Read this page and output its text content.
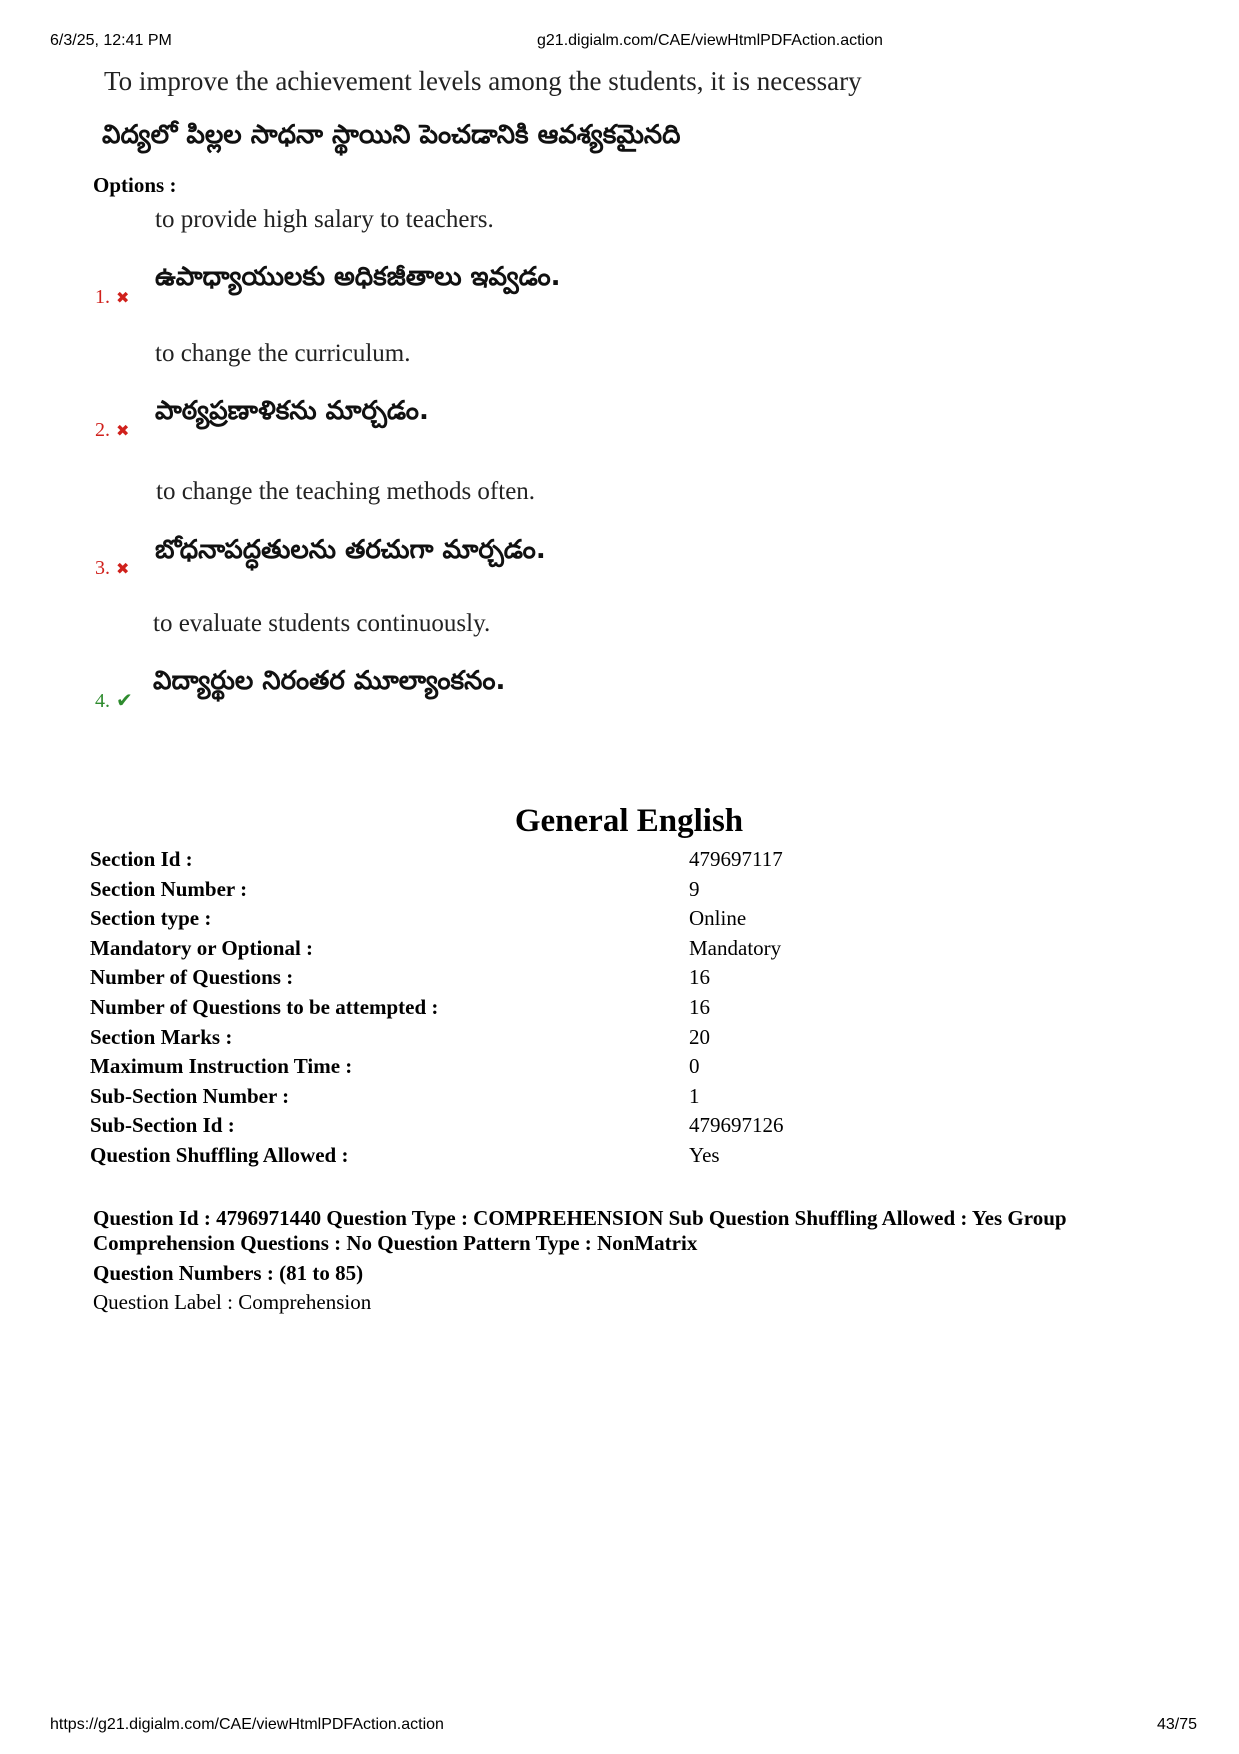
6/3/25, 12:41 PM	g21.digialm.com/CAE/viewHtmlPDFAction.action
To improve the achievement levels among the students, it is necessary
విద్యలో పిల్లల సాధనా స్థాయిని పెంచడానికి ఆవశ్యకమైనది
Options :
to provide high salary to teachers.
ఉపాధ్యాయులకు అధికజీతాలు ఇవ్వడం.
1. ✖
to change the curriculum.
పాఠ్యప్రణాళికను మార్చడం.
2. ✖
to change the teaching methods often.
బోధనాపద్ధతులను తరచుగా మార్చడం.
3. ✖
to evaluate students continuously.
విద్యార్థుల నిరంతర మూల్యాంకనం.
4. ✔
General English
Section Id :	479697117
Section Number :	9
Section type :	Online
Mandatory or Optional :	Mandatory
Number of Questions :	16
Number of Questions to be attempted :	16
Section Marks :	20
Maximum Instruction Time :	0
Sub-Section Number :	1
Sub-Section Id :	479697126
Question Shuffling Allowed :	Yes
Question Id : 4796971440 Question Type : COMPREHENSION Sub Question Shuffling Allowed : Yes Group
Comprehension Questions : No Question Pattern Type : NonMatrix
Question Numbers : (81 to 85)
Question Label : Comprehension
https://g21.digialm.com/CAE/viewHtmlPDFAction.action	43/75
